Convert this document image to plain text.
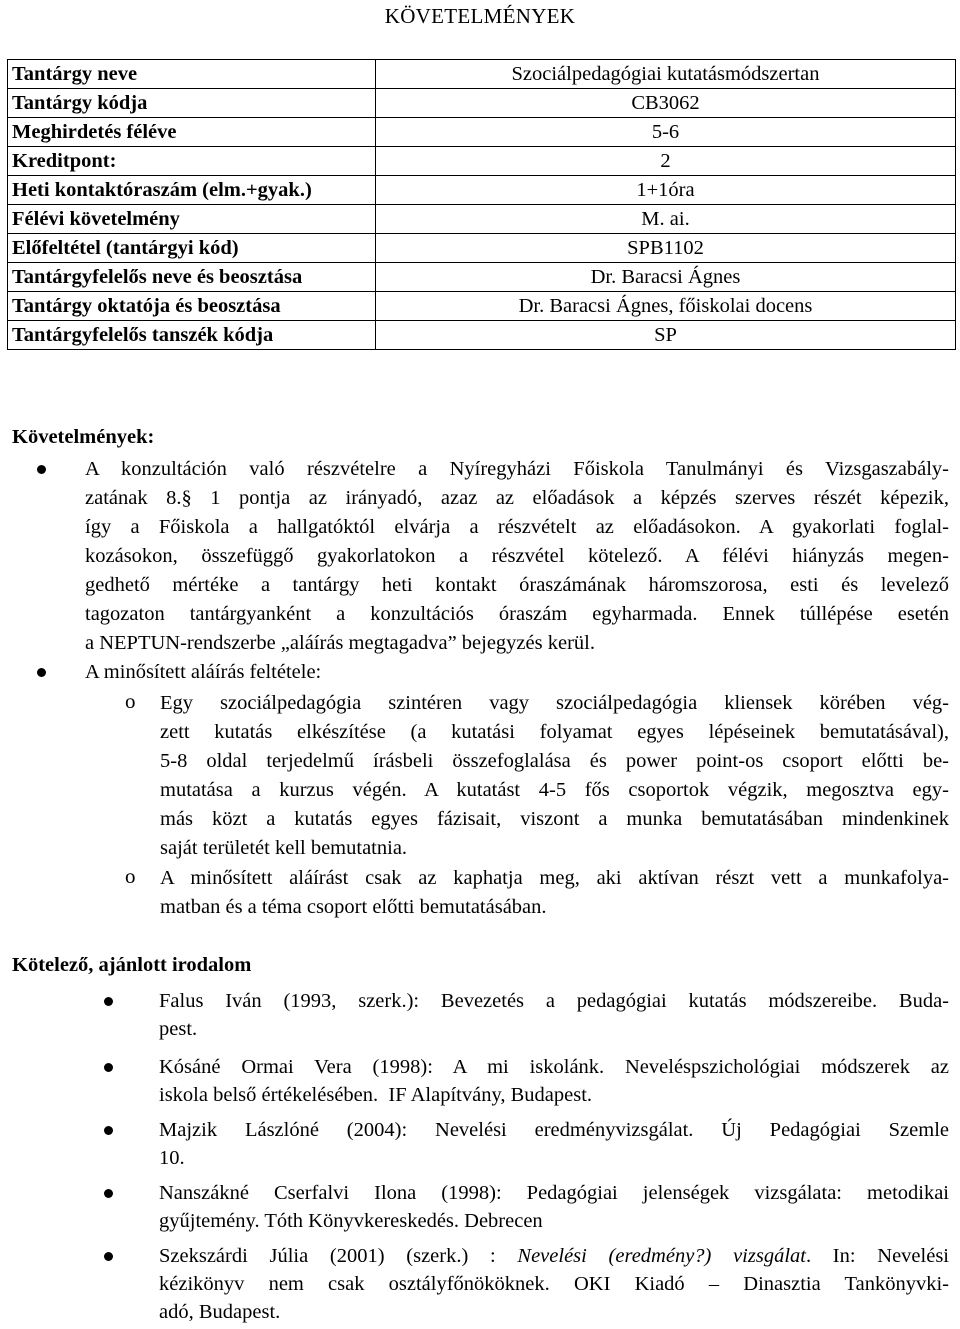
KÖVETELMÉNYEK
Tantárgy neve	Szociálpedagógiai kutatásmódszertan
Tantárgy kódja	CB3062
Meghirdetés féléve	5-6
Kreditpont:	2
Heti kontaktóraszám (elm.+gyak.)	1+1óra
Félévi követelmény	M. ai.
Előfeltétel (tantárgyi kód)	SPB1102
Tantárgyfelelős neve és beosztása	Dr. Baracsi Ágnes
Tantárgy oktatója és beosztása	Dr. Baracsi Ágnes, főiskolai docens
Tantárgyfelelős tanszék kódja	SP
Követelmények:
A konzultáción való részvételre a Nyíregyházi Főiskola Tanulmányi és Vizsgaszabály-
zatának 8.§ 1 pontja az irányadó, azaz az előadások a képzés szerves részét képezik,
így a Főiskola a hallgatóktól elvárja a részvételt az előadásokon. A gyakorlati foglal-
kozásokon, összefüggő gyakorlatokon a részvétel kötelező. A félévi hiányzás megen-
gedhető mértéke a tantárgy heti kontakt óraszámának háromszorosa, esti és levelező
tagozaton tantárgyanként a konzultációs óraszám egyharmada. Ennek túllépése esetén
a NEPTUN-rendszerbe „aláírás megtagadva” bejegyzés kerül.
A minősített aláírás feltétele:
o Egy szociálpedagógia szintéren vagy szociálpedagógia kliensek körében vég-
zett kutatás elkészítése (a kutatási folyamat egyes lépéseinek bemutatásával),
5-8 oldal terjedelmű írásbeli összefoglalása és power point-os csoport előtti be-
mutatása a kurzus végén. A kutatást 4-5 fős csoportok végzik, megosztva egy-
más közt a kutatás egyes fázisait, viszont a munka bemutatásában mindenkinek
saját területét kell bemutatnia.
o A minősített aláírást csak az kaphatja meg, aki aktívan részt vett a munkafolya-
matban és a téma csoport előtti bemutatásában.
Kötelező, ajánlott irodalom
Falus Iván (1993, szerk.): Bevezetés a pedagógiai kutatás módszereibe. Buda-
pest.
Kósáné Ormai Vera (1998): A mi iskolánk. Neveléspszichológiai módszerek az
iskola belső értékelésében.  IF Alapítvány, Budapest.
Majzik Lászlóné (2004): Nevelési eredményvizsgálat. Új Pedagógiai Szemle
10.
Nanszákné Cserfalvi Ilona (1998): Pedagógiai jelenségek vizsgálata: metodikai
gyűjtemény. Tóth Könyvkereskedés. Debrecen
Szekszárdi Júlia (2001) (szerk.) : Nevelési (eredmény?) vizsgálat. In: Nevelési
kézikönyv nem csak osztályfőnököknek. OKI Kiadó – Dinasztia Tankönyvki-
adó, Budapest.
